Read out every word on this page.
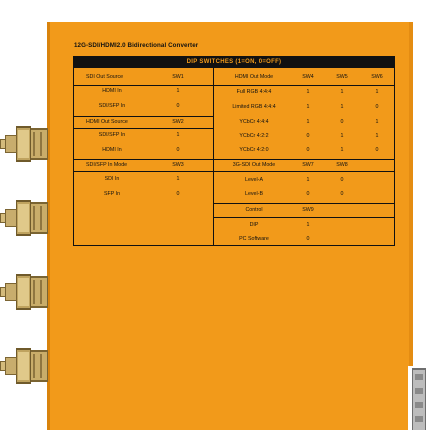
12G-SDI/HDMI2.0 Bidirectional Converter
DIP SWITCHES (1=ON, 0=OFF)
SDI Out Source	SW1
HDMI In	1
SDI/SFP In	0
HDMI Out Source	SW2
SDI/SFP In	1
HDMI In	0
SDI/SFP In Mode	SW3
SDI In	1
SFP In	0
HDMI Out Mode	SW4	SW5	SW6
Full RGB 4:4:4	1	1	1
Limited RGB 4:4:4	1	1	0
YCbCr 4:4:4	1	0	1
YCbCr 4:2:2	0	1	1
YCbCr 4:2:0	0	1	0
3G-SDI Out Mode	SW7	SW8
Level-A	1	0
Level-B	0	0
Control	SW9
DIP	1
PC Software	0
